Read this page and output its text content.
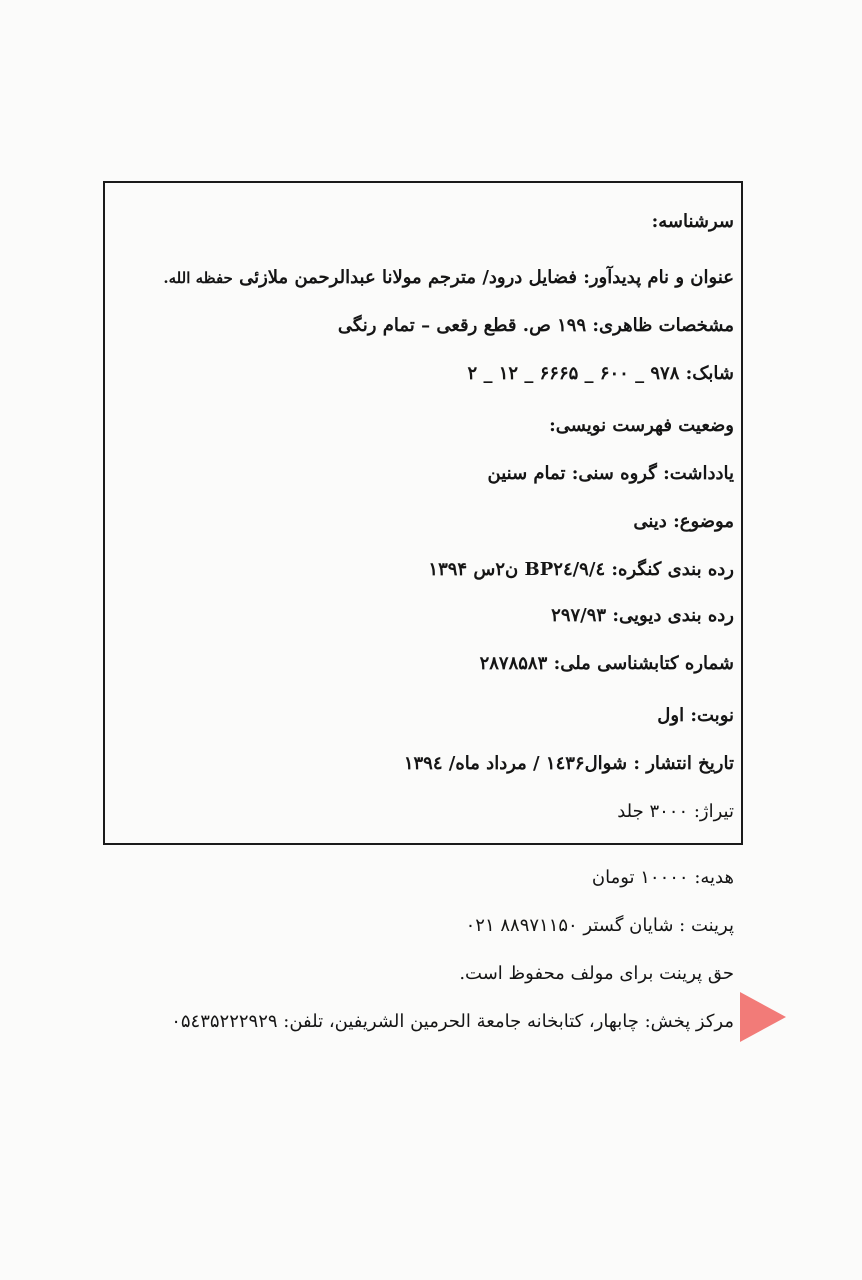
سرشناسه:
عنوان و نام پدیدآور: فضایل درود/ مترجم مولانا عبدالرحمن ملازئی حفظه الله.
مشخصات ظاهری: ۱۹۹ ص. قطع رقعی – تمام رنگی
شابک: ۲ _ ۱۲ _ ۶۶۶۵ _ ۶۰۰ _ ۹۷۸
وضعیت فهرست نویسی:
یادداشت: گروه سنی: تمام سنین
موضوع: دینی
رده بندی کنگره: ۱۳۹۴ ن۲س BP۲٤/۹/٤
رده بندی دیویی: ۲۹۷/۹۳
شماره کتابشناسی ملی: ۲۸۷۸۵۸۳
نوبت: اول
تاریخ انتشار : شوال۱٤۳۶ / مرداد ماه/ ۱۳۹٤
تیراژ: ۳۰۰۰ جلد
هدیه: ۱۰۰۰۰ تومان
پرینت : شایان گستر ۸۸۹۷۱۱۵۰ ۰۲۱
حق پرینت برای مولف محفوظ است.
مرکز پخش: چابهار، کتابخانه جامعة الحرمین الشریفین، تلفن: ۰۵٤۳۵۲۲۲۹۲۹
